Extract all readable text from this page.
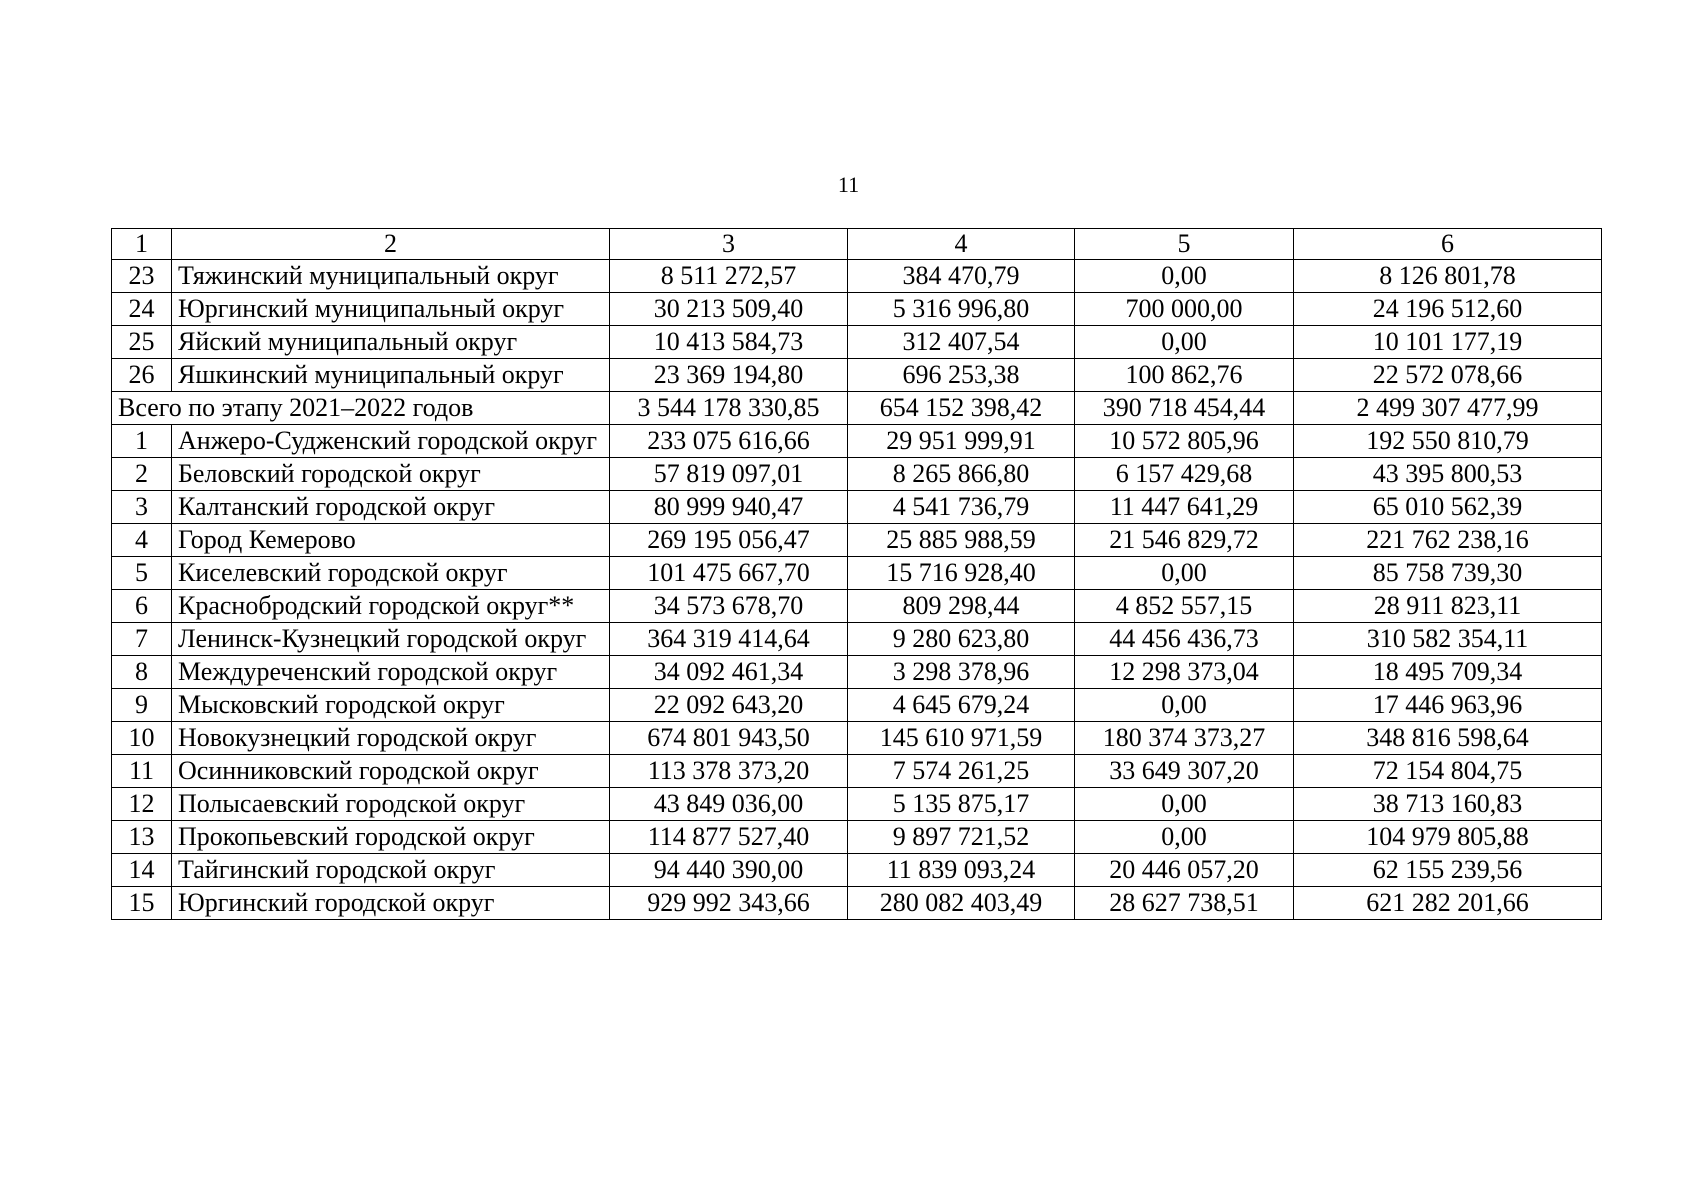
11
1	2	3	4	5	6
23	Тяжинский муниципальный округ	8 511 272,57	384 470,79	0,00	8 126 801,78
24	Юргинский муниципальный округ	30 213 509,40	5 316 996,80	700 000,00	24 196 512,60
25	Яйский муниципальный округ	10 413 584,73	312 407,54	0,00	10 101 177,19
26	Яшкинский муниципальный округ	23 369 194,80	696 253,38	100 862,76	22 572 078,66
Всего по этапу 2021–2022 годов		3 544 178 330,85	654 152 398,42	390 718 454,44	2 499 307 477,99
1	Анжеро-Судженский городской округ	233 075 616,66	29 951 999,91	10 572 805,96	192 550 810,79
2	Беловский городской округ	57 819 097,01	8 265 866,80	6 157 429,68	43 395 800,53
3	Калтанский городской округ	80 999 940,47	4 541 736,79	11 447 641,29	65 010 562,39
4	Город Кемерово	269 195 056,47	25 885 988,59	21 546 829,72	221 762 238,16
5	Киселевский городской округ	101 475 667,70	15 716 928,40	0,00	85 758 739,30
6	Краснобродский городской округ**	34 573 678,70	809 298,44	4 852 557,15	28 911 823,11
7	Ленинск-Кузнецкий городской округ	364 319 414,64	9 280 623,80	44 456 436,73	310 582 354,11
8	Междуреченский городской округ	34 092 461,34	3 298 378,96	12 298 373,04	18 495 709,34
9	Мысковский городской округ	22 092 643,20	4 645 679,24	0,00	17 446 963,96
10	Новокузнецкий городской округ	674 801 943,50	145 610 971,59	180 374 373,27	348 816 598,64
11	Осинниковский городской округ	113 378 373,20	7 574 261,25	33 649 307,20	72 154 804,75
12	Полысаевский городской округ	43 849 036,00	5 135 875,17	0,00	38 713 160,83
13	Прокопьевский городской округ	114 877 527,40	9 897 721,52	0,00	104 979 805,88
14	Тайгинский городской округ	94 440 390,00	11 839 093,24	20 446 057,20	62 155 239,56
15	Юргинский городской округ	929 992 343,66	280 082 403,49	28 627 738,51	621 282 201,66
